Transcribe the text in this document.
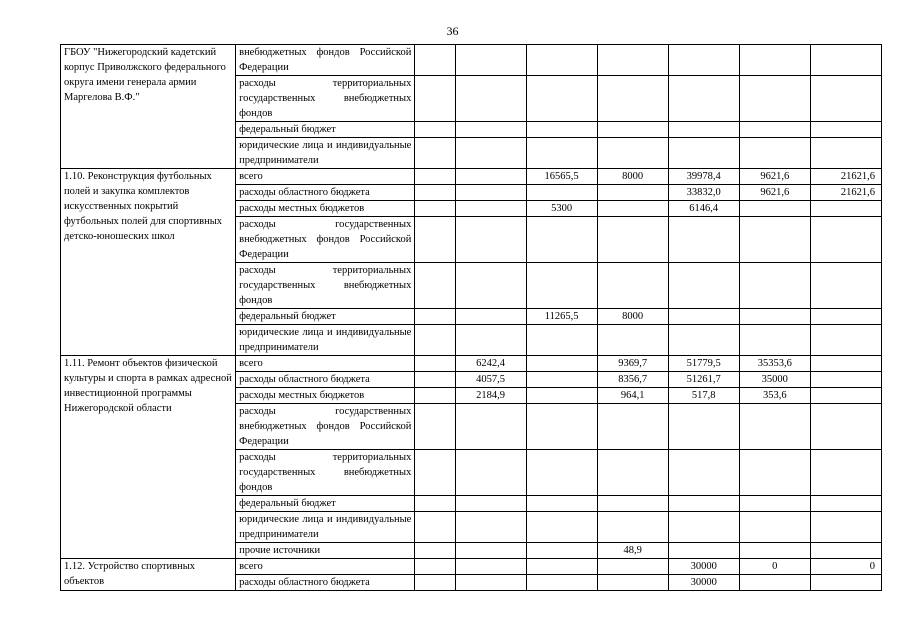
36
ГБОУ "Нижегородский кадетский корпус Приволжского федерального округа имени генерала армии Маргелова В.Ф."	внебюджетных фондов Российской Федерации							
	расходы территориальных государственных внебюджетных фондов							
	федеральный бюджет							
	юридические лица и индивидуальные предприниматели							
1.10. Реконструкция футбольных полей и закупка комплектов искусственных покрытий футбольных полей для спортивных детско-юношеских школ	всего			16565,5	8000	39978,4	9621,6	21621,6
	расходы областного бюджета					33832,0	9621,6	21621,6
	расходы местных бюджетов			5300		6146,4		
	расходы государственных внебюджетных фондов Российской Федерации							
	расходы территориальных государственных внебюджетных фондов							
	федеральный бюджет			11265,5	8000			
	юридические лица и индивидуальные предприниматели							
1.11. Ремонт объектов физической культуры и спорта в рамках адресной инвестиционной программы Нижегородской области	всего		6242,4		9369,7	51779,5	35353,6	
	расходы областного бюджета		4057,5		8356,7	51261,7	35000	
	расходы местных бюджетов		2184,9		964,1	517,8	353,6	
	расходы государственных внебюджетных фондов Российской Федерации							
	расходы территориальных государственных внебюджетных фондов							
	федеральный бюджет							
	юридические лица и индивидуальные предприниматели							
	прочие источники				48,9			
1.12. Устройство спортивных объектов	всего					30000	0	0
	расходы областного бюджета					30000		
